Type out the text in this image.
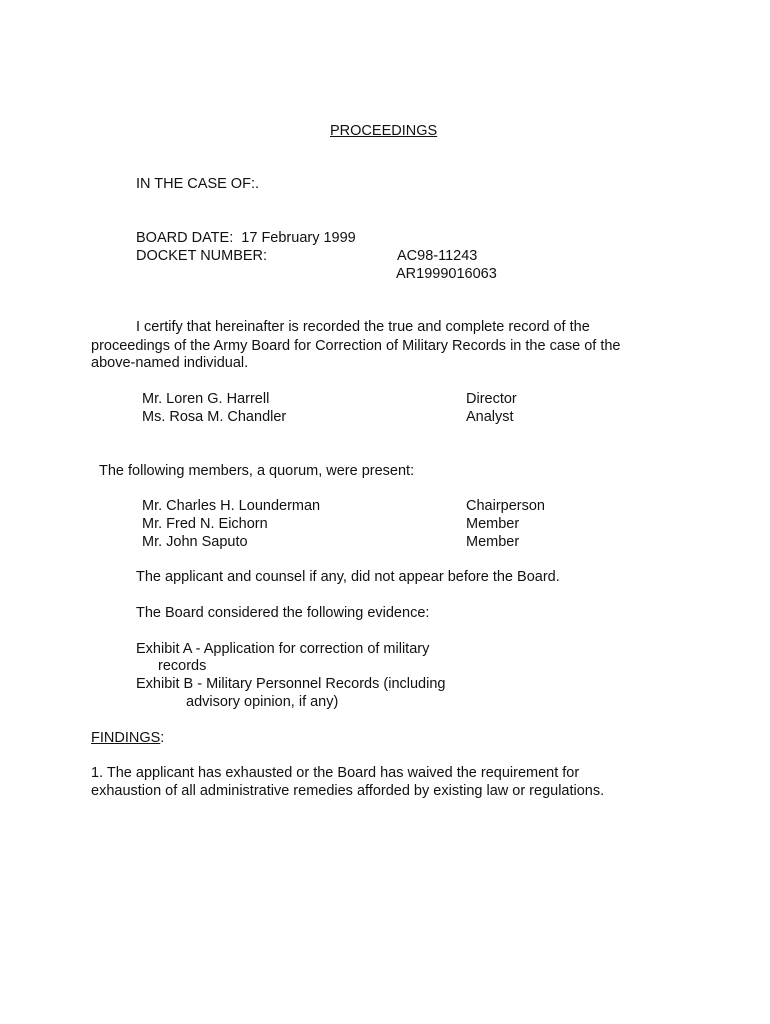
PROCEEDINGS
IN THE CASE OF:.
BOARD DATE: 17 February 1999
DOCKET NUMBER:	AC98-11243
AR1999016063
I certify that hereinafter is recorded the true and complete record of the
proceedings of the Army Board for Correction of Military Records in the case of the
above-named individual.
Mr. Loren G. Harrell	Director
Ms. Rosa M. Chandler	Analyst
The following members, a quorum, were present:
Mr. Charles H. Lounderman	Chairperson
Mr. Fred N. Eichorn	Member
Mr. John Saputo	Member
The applicant and counsel if any, did not appear before the Board.
The Board considered the following evidence:
Exhibit A - Application for correction of military
records
Exhibit B - Military Personnel Records (including
advisory opinion, if any)
FINDINGS:
1. The applicant has exhausted or the Board has waived the requirement for
exhaustion of all administrative remedies afforded by existing law or regulations.
